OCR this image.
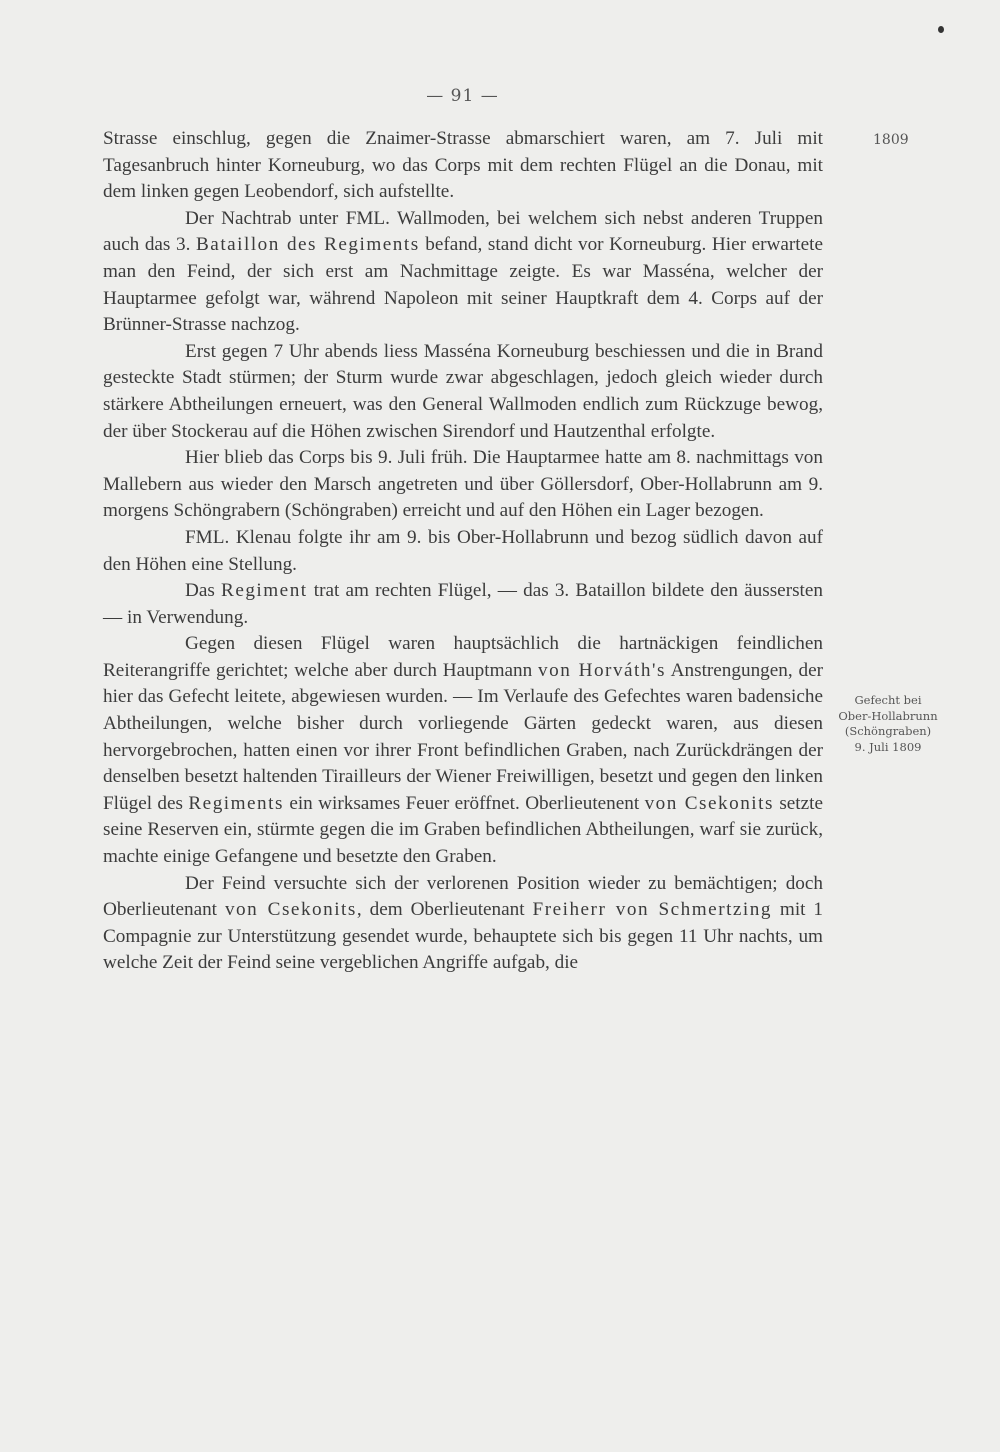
— 91 —
1809
Gefecht bei
Ober-Hollabrunn
(Schöngraben)
9. Juli 1809

Strasse einschlug, gegen die Znaimer-Strasse abmarschiert waren, am 7. Juli mit Tagesanbruch hinter Korneuburg, wo das Corps mit dem rechten Flügel an die Donau, mit dem linken gegen Leobendorf, sich aufstellte.

Der Nachtrab unter FML. Wallmoden, bei welchem sich nebst anderen Truppen auch das 3. Bataillon des Regiments befand, stand dicht vor Korneuburg. Hier erwartete man den Feind, der sich erst am Nachmittage zeigte. Es war Masséna, welcher der Hauptarmee gefolgt war, während Napoleon mit seiner Hauptkraft dem 4. Corps auf der Brünner-Strasse nachzog.

Erst gegen 7 Uhr abends liess Masséna Korneuburg beschiessen und die in Brand gesteckte Stadt stürmen; der Sturm wurde zwar abgeschlagen, jedoch gleich wieder durch stärkere Abtheilungen erneuert, was den General Wallmoden endlich zum Rückzuge bewog, der über Stockerau auf die Höhen zwischen Sirendorf und Hautzenthal erfolgte.

Hier blieb das Corps bis 9. Juli früh. Die Hauptarmee hatte am 8. nachmittags von Mallebern aus wieder den Marsch angetreten und über Göllersdorf, Ober-Hollabrunn am 9. morgens Schöngrabern (Schöngraben) erreicht und auf den Höhen ein Lager bezogen.

FML. Klenau folgte ihr am 9. bis Ober-Hollabrunn und bezog südlich davon auf den Höhen eine Stellung.

Das Regiment trat am rechten Flügel, — das 3. Bataillon bildete den äussersten — in Verwendung.

Gegen diesen Flügel waren hauptsächlich die hartnäckigen feindlichen Reiterangriffe gerichtet; welche aber durch Hauptmann von Horváth's Anstrengungen, der hier das Gefecht leitete, abgewiesen wurden. — Im Verlaufe des Gefechtes waren badensiche Abtheilungen, welche bisher durch vorliegende Gärten gedeckt waren, aus diesen hervorgebrochen, hatten einen vor ihrer Front befindlichen Graben, nach Zurückdrängen der denselben besetzt haltenden Tirailleurs der Wiener Freiwilligen, besetzt und gegen den linken Flügel des Regiments ein wirksames Feuer eröffnet. Oberlieutenent von Csekonits setzte seine Reserven ein, stürmte gegen die im Graben befindlichen Abtheilungen, warf sie zurück, machte einige Gefangene und besetzte den Graben.

Der Feind versuchte sich der verlorenen Position wieder zu bemächtigen; doch Oberlieutenant von Csekonits, dem Oberlieutenant Freiherr von Schmertzing mit 1 Compagnie zur Unterstützung gesendet wurde, behauptete sich bis gegen 11 Uhr nachts, um welche Zeit der Feind seine vergeblichen Angriffe aufgab, die
